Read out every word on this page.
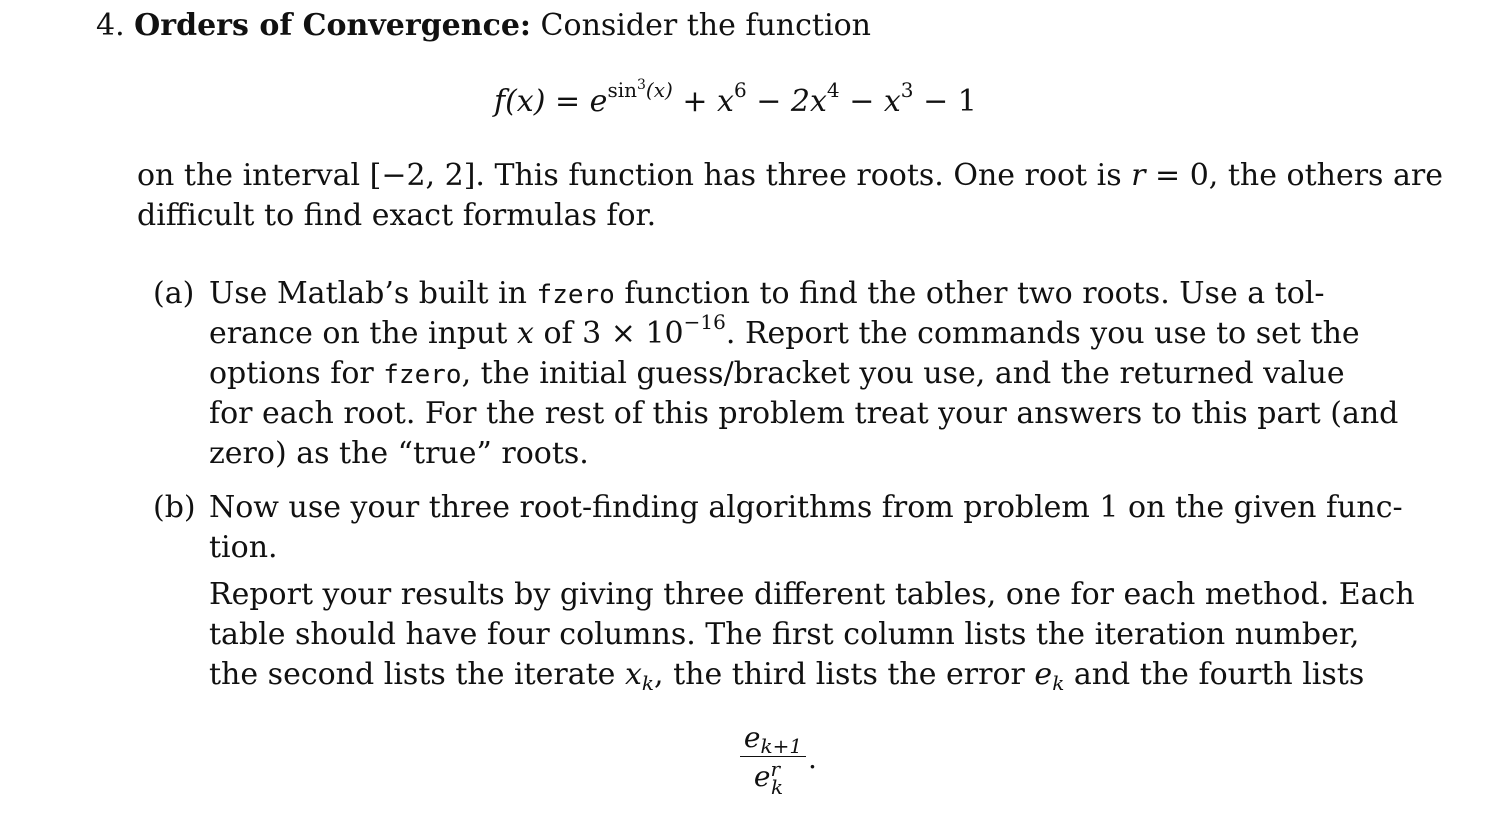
4. Orders of Convergence: Consider the function
$f(x) = e^{sin^3(x)} + x^6 - 2x^4 - x^3 - 1$
on the interval [−2, 2]. This function has three roots. One root is r = 0, the others are
difficult to find exact formulas for.
(a) Use Matlab’s built in fzero function to find the other two roots. Use a tol-
erance on the input x of $3 \times 10^{-16}$. Report the commands you use to set the
options for fzero, the initial guess/bracket you use, and the returned value
for each root. For the rest of this problem treat your answers to this part (and
zero) as the “true” roots.
(b) Now use your three root-finding algorithms from problem 1 on the given func-
tion.
Report your results by giving three different tables, one for each method. Each
table should have four columns. The first column lists the iteration number,
the second lists the iterate $x_k$, the third lists the error $e_k$ and the fourth lists
$e_{k+1}$
$e^r_k$
.
